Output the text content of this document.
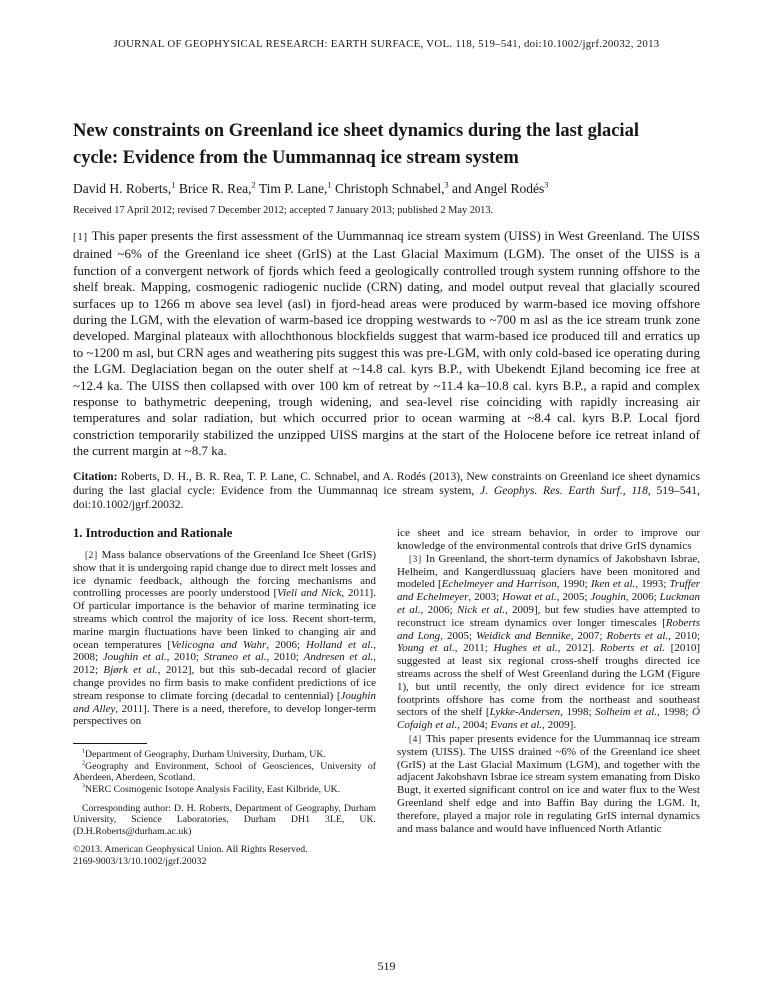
JOURNAL OF GEOPHYSICAL RESEARCH: EARTH SURFACE, VOL. 118, 519–541, doi:10.1002/jgrf.20032, 2013
New constraints on Greenland ice sheet dynamics during the last glacial cycle: Evidence from the Uummannaq ice stream system
David H. Roberts,$^1$ Brice R. Rea,$^2$ Tim P. Lane,$^1$ Christoph Schnabel,$^3$ and Angel Rodés$^3$
Received 17 April 2012; revised 7 December 2012; accepted 7 January 2013; published 2 May 2013.
[1] This paper presents the first assessment of the Uummannaq ice stream system (UISS) in West Greenland. The UISS drained ~6% of the Greenland ice sheet (GrIS) at the Last Glacial Maximum (LGM). The onset of the UISS is a function of a convergent network of fjords which feed a geologically controlled trough system running offshore to the shelf break. Mapping, cosmogenic radiogenic nuclide (CRN) dating, and model output reveal that glacially scoured surfaces up to 1266 m above sea level (asl) in fjord-head areas were produced by warm-based ice moving offshore during the LGM, with the elevation of warm-based ice dropping westwards to ~700 m asl as the ice stream trunk zone developed. Marginal plateaux with allochthonous blockfields suggest that warm-based ice produced till and erratics up to ~1200 m asl, but CRN ages and weathering pits suggest this was pre-LGM, with only cold-based ice operating during the LGM. Deglaciation began on the outer shelf at ~14.8 cal. kyrs B.P., with Ubekendt Ejland becoming ice free at ~12.4 ka. The UISS then collapsed with over 100 km of retreat by ~11.4 ka–10.8 cal. kyrs B.P., a rapid and complex response to bathymetric deepening, trough widening, and sea-level rise coinciding with rapidly increasing air temperatures and solar radiation, but which occurred prior to ocean warming at ~8.4 cal. kyrs B.P. Local fjord constriction temporarily stabilized the unzipped UISS margins at the start of the Holocene before ice retreat inland of the current margin at ~8.7 ka.
Citation: Roberts, D. H., B. R. Rea, T. P. Lane, C. Schnabel, and A. Rodés (2013), New constraints on Greenland ice sheet dynamics during the last glacial cycle: Evidence from the Uummannaq ice stream system, J. Geophys. Res. Earth Surf., 118, 519–541, doi:10.1002/jgrf.20032.
1. Introduction and Rationale

[2] Mass balance observations of the Greenland Ice Sheet (GrIS) show that it is undergoing rapid change due to direct melt losses and ice dynamic feedback, although the forcing mechanisms and controlling processes are poorly understood [Vieli and Nick, 2011]. Of particular importance is the behavior of marine terminating ice streams which control the majority of ice loss. Recent short-term, marine margin fluctuations have been linked to changing air and ocean temperatures [Velicogna and Wahr, 2006; Holland et al., 2008; Joughin et al., 2010; Straneo et al., 2010; Andresen et al., 2012; Bjørk et al., 2012], but this sub-decadal record of glacier change provides no firm basis to make confident predictions of ice stream response to climate forcing (decadal to centennial) [Joughin and Alley, 2011]. There is a need, therefore, to develop longer-term perspectives on

$^1$Department of Geography, Durham University, Durham, UK.

$^2$Geography and Environment, School of Geosciences, University of Aberdeen, Aberdeen, Scotland.

$^3$NERC Cosmogenic Isotope Analysis Facility, East Kilbride, UK.

Corresponding author: D. H. Roberts, Department of Geography, Durham University, Science Laboratories, Durham DH1 3LE, UK. (D.H.Roberts@durham.ac.uk)

©2013. American Geophysical Union. All Rights Reserved.

2169-9003/13/10.1002/jgrf.20032

ice sheet and ice stream behavior, in order to improve our knowledge of the environmental controls that drive GrIS dynamics

[3] In Greenland, the short-term dynamics of Jakobshavn Isbrae, Helheim, and Kangerdlussuaq glaciers have been monitored and modeled [Echelmeyer and Harrison, 1990; Iken et al., 1993; Truffer and Echelmeyer, 2003; Howat et al., 2005; Joughin, 2006; Luckman et al., 2006; Nick et al., 2009], but few studies have attempted to reconstruct ice stream dynamics over longer timescales [Roberts and Long, 2005; Weidick and Bennike, 2007; Roberts et al., 2010; Young et al., 2011; Hughes et al., 2012]. Roberts et al. [2010] suggested at least six regional cross-shelf troughs directed ice streams across the shelf of West Greenland during the LGM (Figure 1), but until recently, the only direct evidence for ice stream footprints offshore has come from the northeast and southeast sectors of the shelf [Lykke-Andersen, 1998; Solheim et al., 1998; Ó Cofaigh et al., 2004; Evans et al., 2009].

[4] This paper presents evidence for the Uummannaq ice stream system (UISS). The UISS drained ~6% of the Greenland ice sheet (GrIS) at the Last Glacial Maximum (LGM), and together with the adjacent Jakobshavn Isbrae ice stream system emanating from Disko Bugt, it exerted significant control on ice and water flux to the West Greenland shelf edge and into Baffin Bay during the LGM. It, therefore, played a major role in regulating GrIS internal dynamics and mass balance and would have influenced North Atlantic

519
